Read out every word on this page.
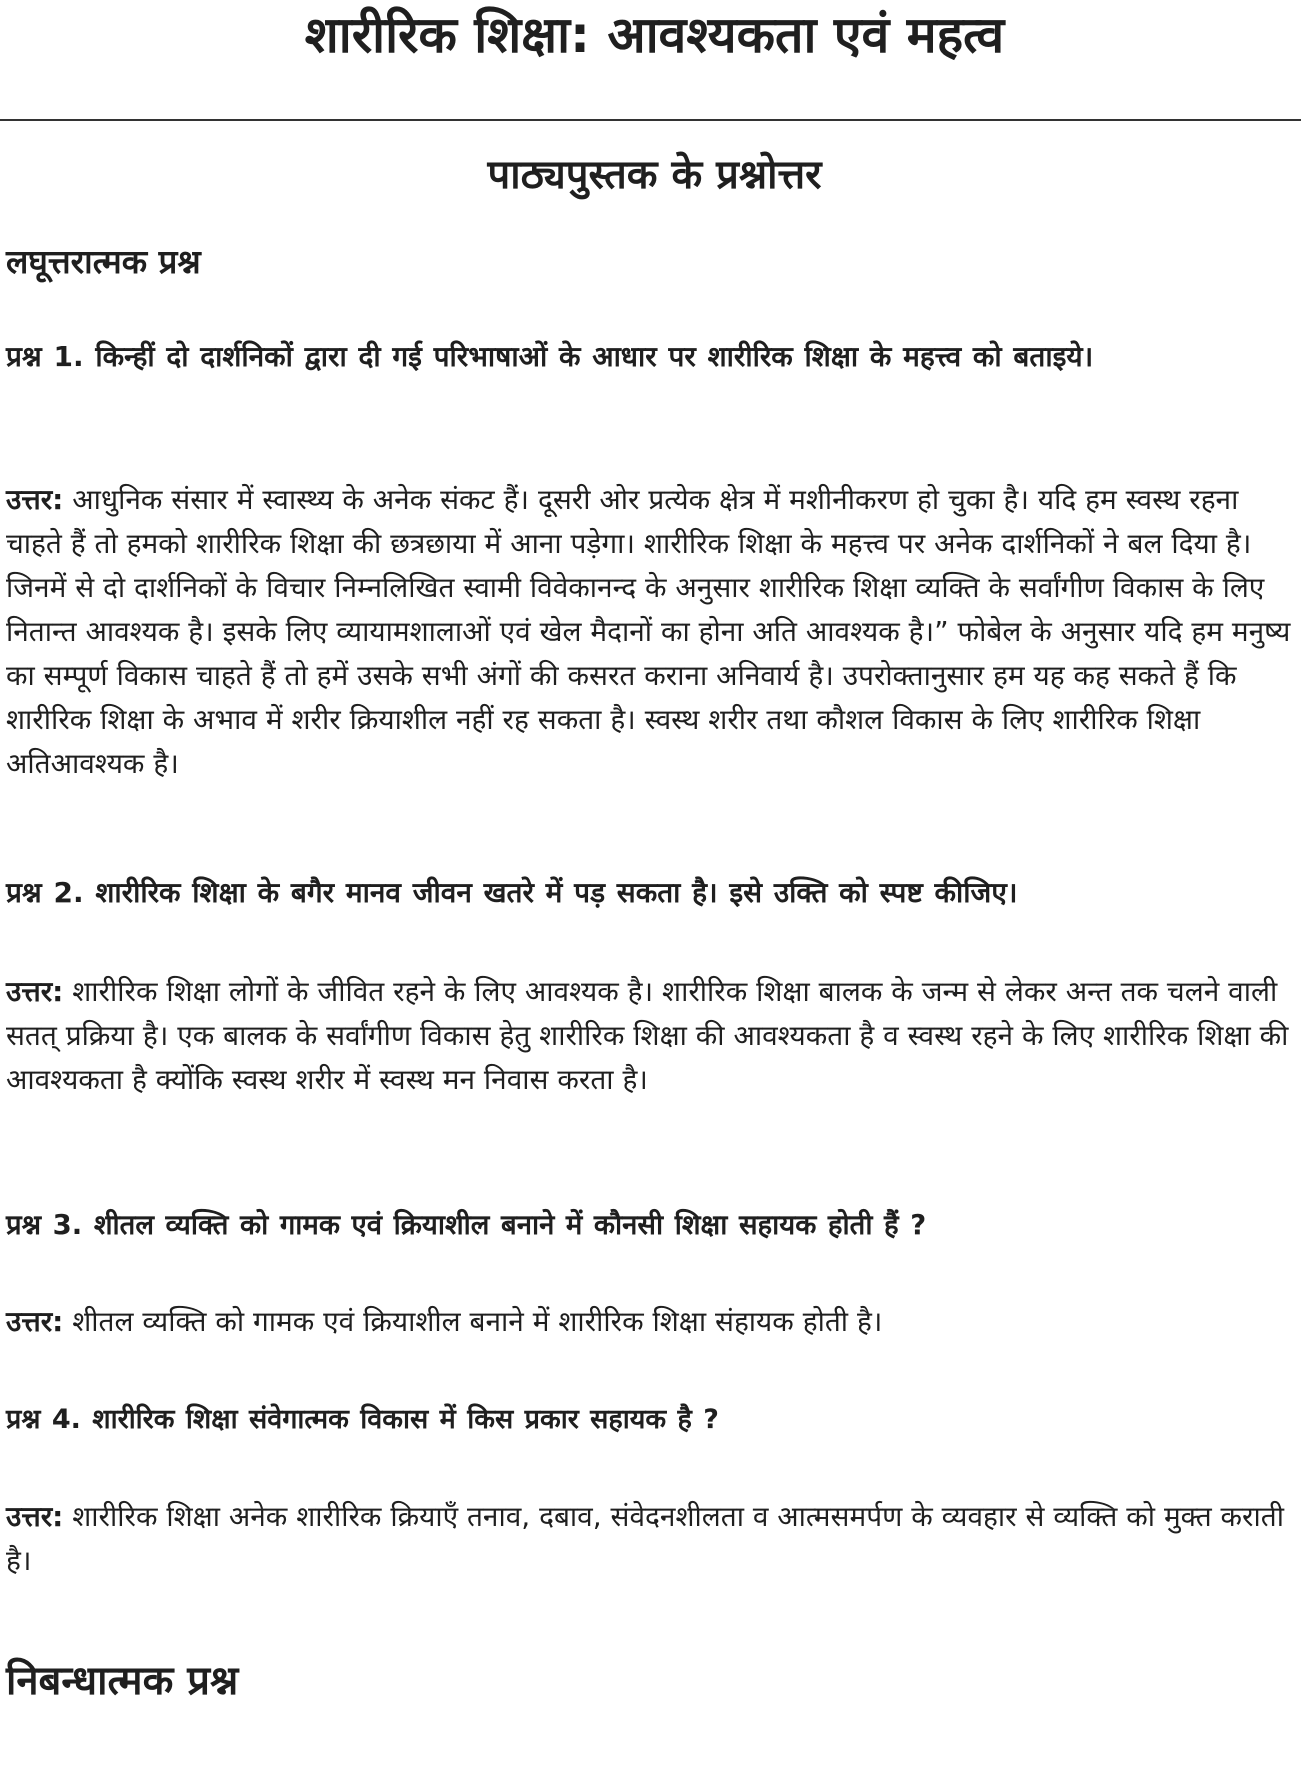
शारीरिक शिक्षा: आवश्यकता एवं महत्व
पाठ्यपुस्तक के प्रश्नोत्तर
लघूत्तरात्मक प्रश्न

प्रश्न 1. किन्हीं दो दार्शनिकों द्वारा दी गई परिभाषाओं के आधार पर शारीरिक शिक्षा के महत्त्व को बताइये।

उत्तर: आधुनिक संसार में स्वास्थ्य के अनेक संकट हैं। दूसरी ओर प्रत्येक क्षेत्र में मशीनीकरण हो चुका है। यदि हम स्वस्थ रहना चाहते हैं तो हमको शारीरिक शिक्षा की छत्रछाया में आना पड़ेगा। शारीरिक शिक्षा के महत्त्व पर अनेक दार्शनिकों ने बल दिया है। जिनमें से दो दार्शनिकों के विचार निम्नलिखित स्वामी विवेकानन्द के अनुसार शारीरिक शिक्षा व्यक्ति के सर्वांगीण विकास के लिए नितान्त आवश्यक है। इसके लिए व्यायामशालाओं एवं खेल मैदानों का होना अति आवश्यक है।” फोबेल के अनुसार यदि हम मनुष्य का सम्पूर्ण विकास चाहते हैं तो हमें उसके सभी अंगों की कसरत कराना अनिवार्य है। उपरोक्तानुसार हम यह कह सकते हैं कि शारीरिक शिक्षा के अभाव में शरीर क्रियाशील नहीं रह सकता है। स्वस्थ शरीर तथा कौशल विकास के लिए शारीरिक शिक्षा अतिआवश्यक है।

प्रश्न 2. शारीरिक शिक्षा के बगैर मानव जीवन खतरे में पड़ सकता है। इसे उक्ति को स्पष्ट कीजिए।

उत्तर: शारीरिक शिक्षा लोगों के जीवित रहने के लिए आवश्यक है। शारीरिक शिक्षा बालक के जन्म से लेकर अन्त तक चलने वाली सतत् प्रक्रिया है। एक बालक के सर्वांगीण विकास हेतु शारीरिक शिक्षा की आवश्यकता है व स्वस्थ रहने के लिए शारीरिक शिक्षा की आवश्यकता है क्योंकि स्वस्थ शरीर में स्वस्थ मन निवास करता है।

प्रश्न 3. शीतल व्यक्ति को गामक एवं क्रियाशील बनाने में कौनसी शिक्षा सहायक होती हैं ?

उत्तर: शीतल व्यक्ति को गामक एवं क्रियाशील बनाने में शारीरिक शिक्षा संहायक होती है।

प्रश्न 4. शारीरिक शिक्षा संवेगात्मक विकास में किस प्रकार सहायक है ?

उत्तर: शारीरिक शिक्षा अनेक शारीरिक क्रियाएँ तनाव, दबाव, संवेदनशीलता व आत्मसमर्पण के व्यवहार से व्यक्ति को मुक्त कराती है।

निबन्धात्मक प्रश्न
